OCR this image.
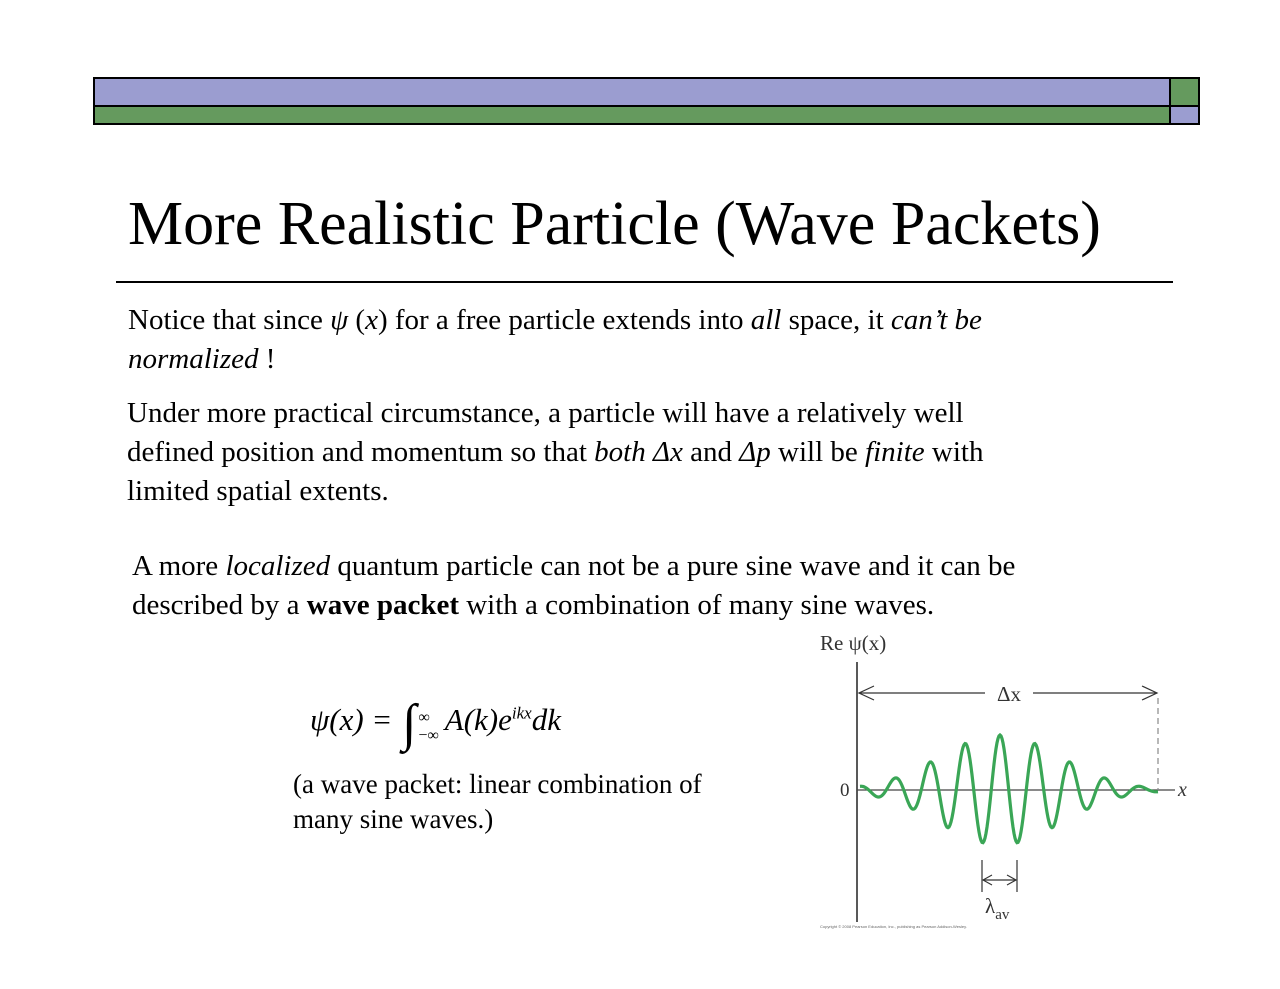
More Realistic Particle (Wave Packets)

Notice that since ψ (x) for a free particle extends into all space, it can’t be
normalized !

Under more practical circumstance, a particle will have a relatively well
defined position and momentum so that both Δx and Δp will be finite with
limited spatial extents.

A more localized quantum particle can not be a pure sine wave and it can be
described by a wave packet with a combination of many sine waves.

ψ(x) = ∫ ∞
−∞ $A(k)e^{ikx}dk$

(a wave packet: linear combination of
many sine waves.)

Re ψ(x)
0	x
Δx
$\lambda_{av}$
Copyright © 2008 Pearson Education, Inc., publishing as Pearson Addison-Wesley.
